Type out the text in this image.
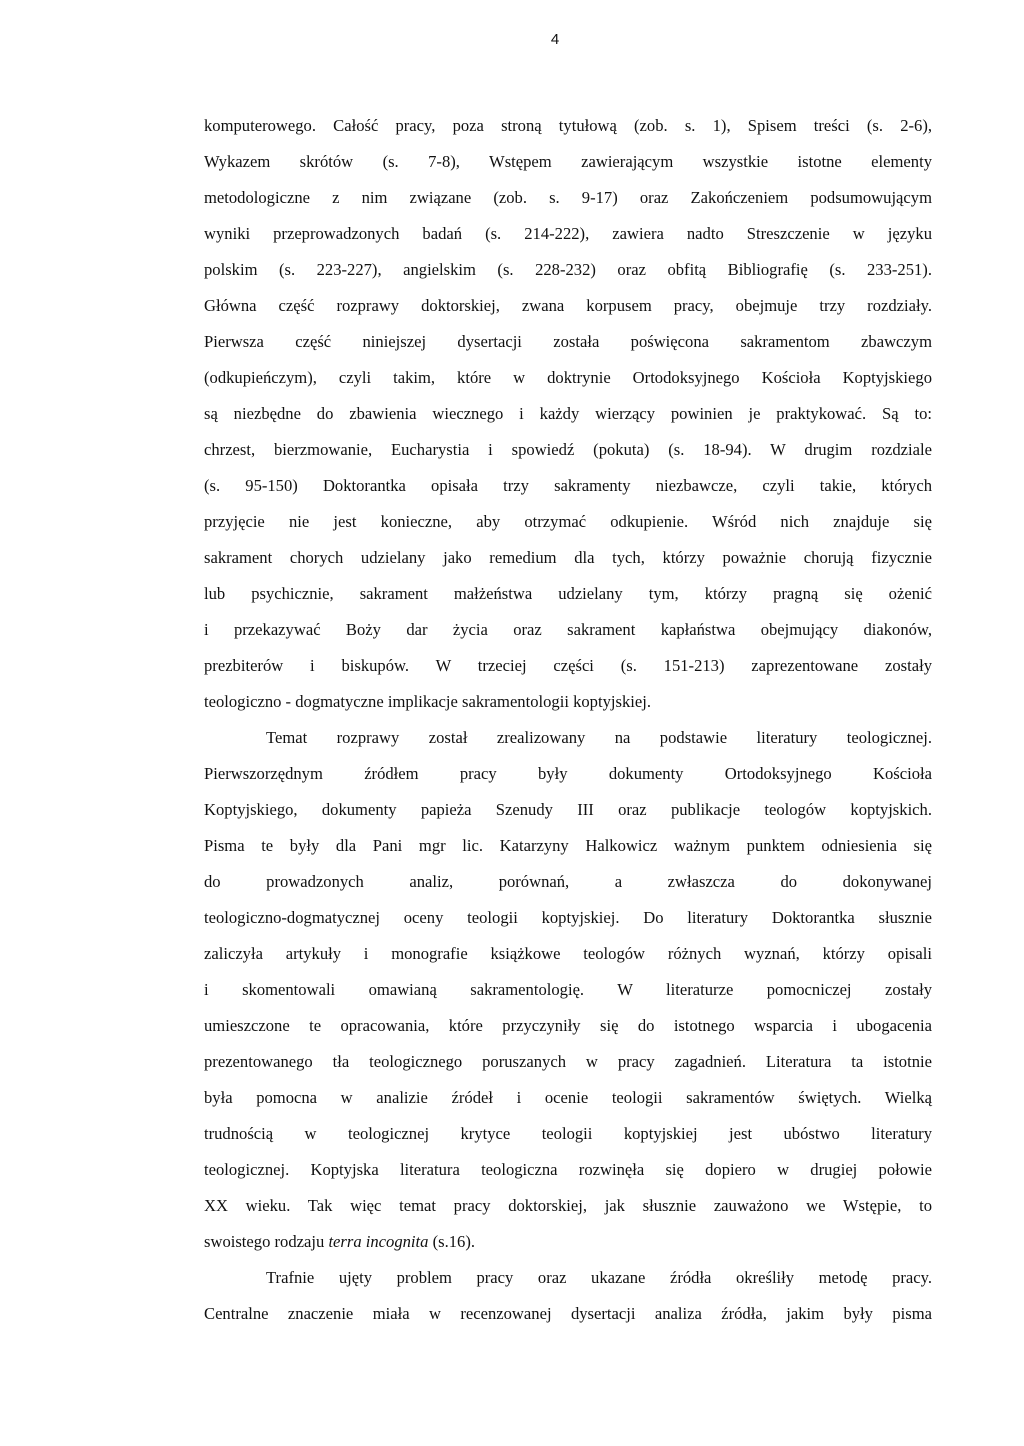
4
komputerowego. Całość pracy, poza stroną tytułową (zob. s. 1), Spisem treści (s. 2-6),
Wykazem skrótów (s. 7-8), Wstępem zawierającym wszystkie istotne elementy
metodologiczne z nim związane (zob. s. 9-17) oraz Zakończeniem podsumowującym
wyniki przeprowadzonych badań (s. 214-222), zawiera nadto Streszczenie w języku
polskim (s. 223-227), angielskim (s. 228-232) oraz obfitą Bibliografię (s. 233-251).
Główna część rozprawy doktorskiej, zwana korpusem pracy, obejmuje trzy rozdziały.
Pierwsza część niniejszej dysertacji została poświęcona sakramentom zbawczym
(odkupieńczym), czyli takim, które w doktrynie Ortodoksyjnego Kościoła Koptyjskiego
są niezbędne do zbawienia wiecznego i każdy wierzący powinien je praktykować. Są to:
chrzest, bierzmowanie, Eucharystia i spowiedź (pokuta) (s. 18-94). W drugim rozdziale
(s. 95-150) Doktorantka opisała trzy sakramenty niezbawcze, czyli takie, których
przyjęcie nie jest konieczne, aby otrzymać odkupienie. Wśród nich znajduje się
sakrament chorych udzielany jako remedium dla tych, którzy poważnie chorują fizycznie
lub psychicznie, sakrament małżeństwa udzielany tym, którzy pragną się ożenić
i przekazywać Boży dar życia oraz sakrament kapłaństwa obejmujący diakonów,
prezbiterów i biskupów. W trzeciej części (s. 151-213) zaprezentowane zostały
teologiczno - dogmatyczne implikacje sakramentologii koptyjskiej.
Temat rozprawy został zrealizowany na podstawie literatury teologicznej.
Pierwszorzędnym źródłem pracy były dokumenty Ortodoksyjnego Kościoła
Koptyjskiego, dokumenty papieża Szenudy III oraz publikacje teologów koptyjskich.
Pisma te były dla Pani mgr lic. Katarzyny Halkowicz ważnym punktem odniesienia się
do prowadzonych analiz, porównań, a zwłaszcza do dokonywanej
teologiczno-dogmatycznej oceny teologii koptyjskiej. Do literatury Doktorantka słusznie
zaliczyła artykuły i monografie książkowe teologów różnych wyznań, którzy opisali
i skomentowali omawianą sakramentologię. W literaturze pomocniczej zostały
umieszczone te opracowania, które przyczyniły się do istotnego wsparcia i ubogacenia
prezentowanego tła teologicznego poruszanych w pracy zagadnień. Literatura ta istotnie
była pomocna w analizie źródeł i ocenie teologii sakramentów świętych. Wielką
trudnością w teologicznej krytyce teologii koptyjskiej jest ubóstwo literatury
teologicznej. Koptyjska literatura teologiczna rozwinęła się dopiero w drugiej połowie
XX wieku. Tak więc temat pracy doktorskiej, jak słusznie zauważono we Wstępie, to
swoistego rodzaju terra incognita (s.16).
Trafnie ujęty problem pracy oraz ukazane źródła określiły metodę pracy.
Centralne znaczenie miała w recenzowanej dysertacji analiza źródła, jakim były pisma
